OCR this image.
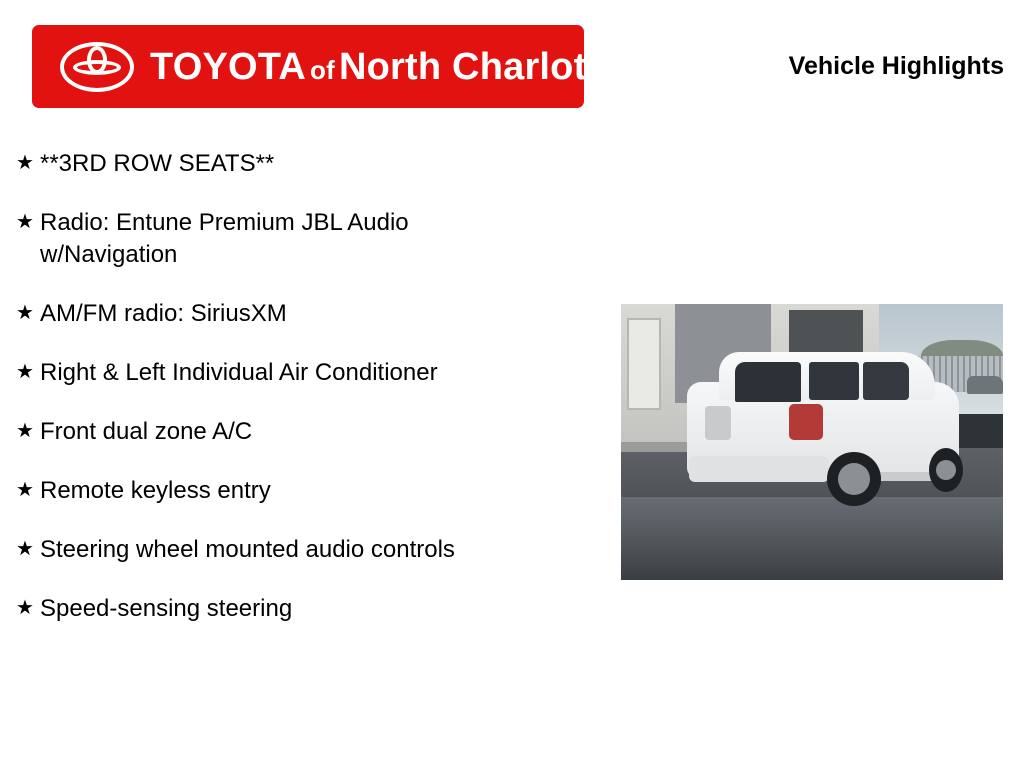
TOYOTA of North Charlotte	Vehicle Highlights
★ **3RD ROW SEATS**
★ Radio: Entune Premium JBL Audio w/Navigation
★ AM/FM radio: SiriusXM
★ Right & Left Individual Air Conditioner
★ Front dual zone A/C
★ Remote keyless entry
★ Steering wheel mounted audio controls
★ Speed-sensing steering
